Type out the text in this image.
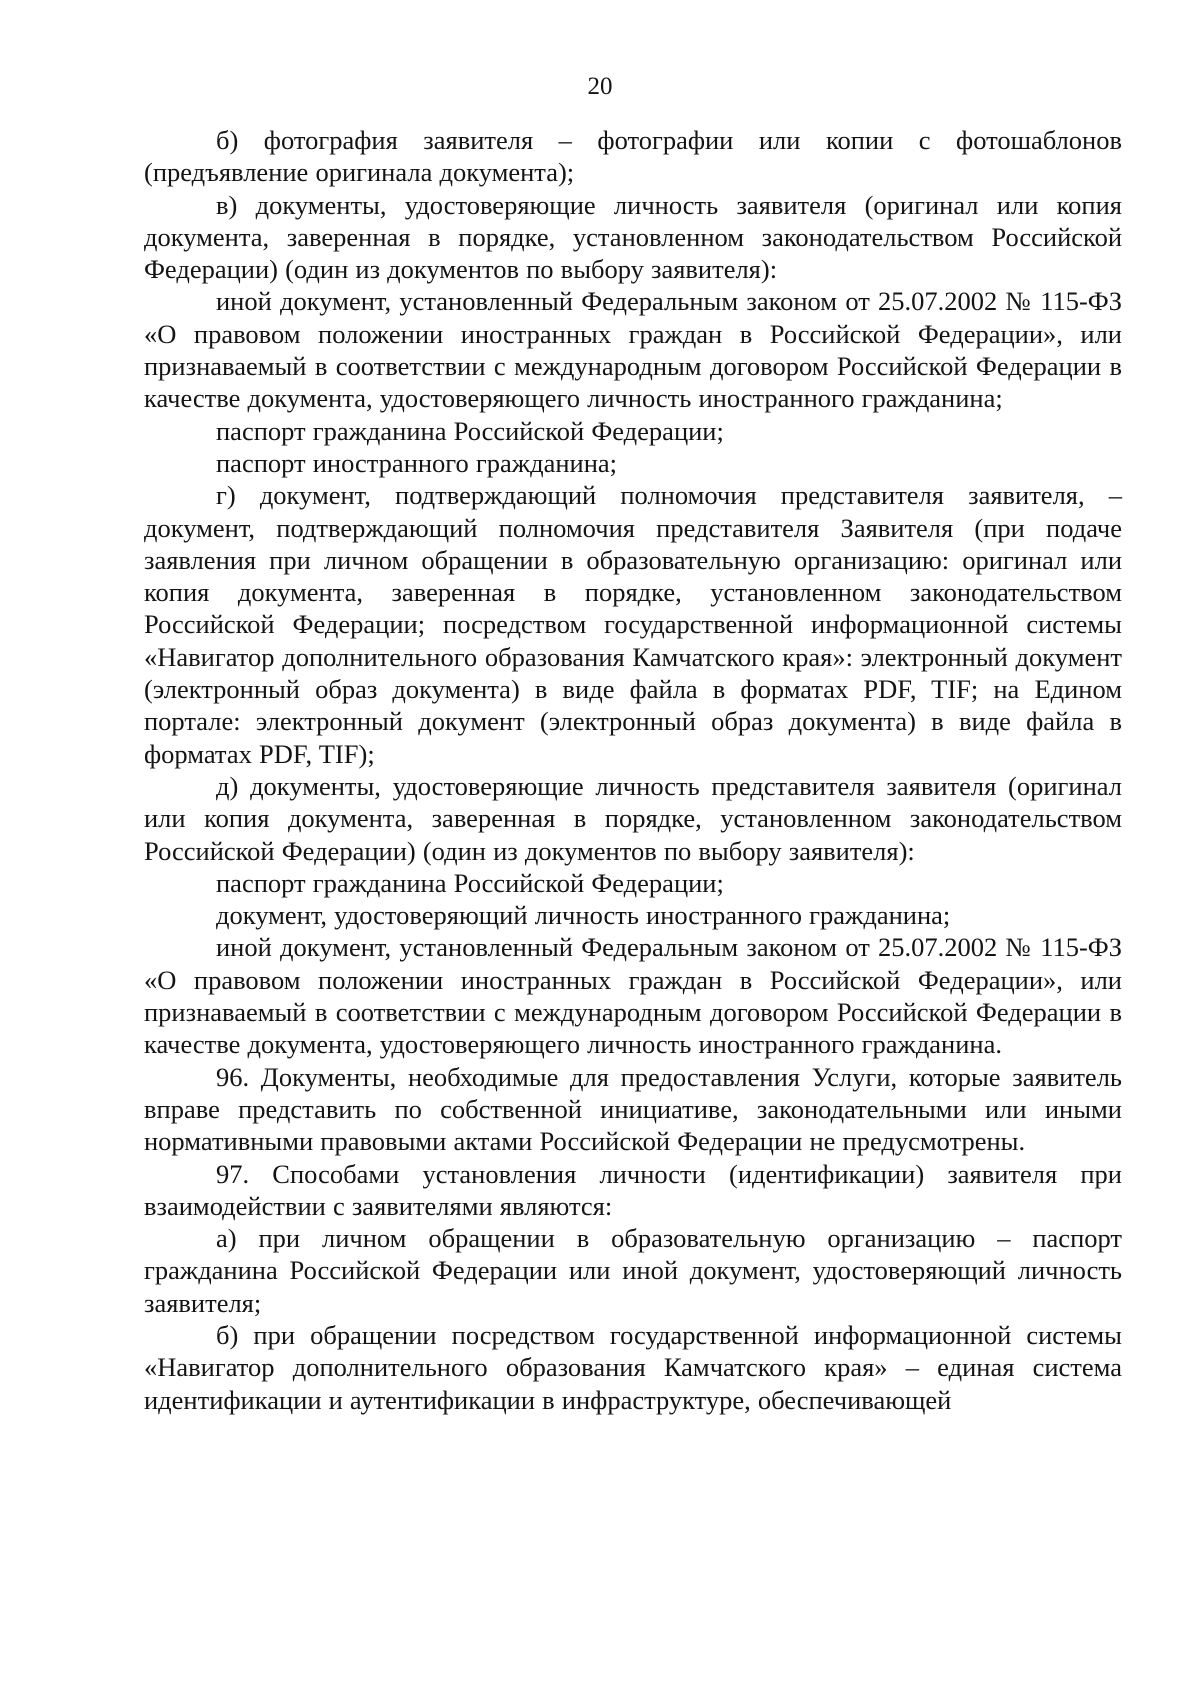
20

б) фотография заявителя – фотографии или копии с фотошаблонов (предъявление оригинала документа);

в) документы, удостоверяющие личность заявителя (оригинал или копия документа, заверенная в порядке, установленном законодательством Российской Федерации) (один из документов по выбору заявителя):

иной документ, установленный Федеральным законом от 25.07.2002 № 115-ФЗ «О правовом положении иностранных граждан в Российской Федерации», или признаваемый в соответствии с международным договором Российской Федерации в качестве документа, удостоверяющего личность иностранного гражданина;

паспорт гражданина Российской Федерации;

паспорт иностранного гражданина;

г) документ, подтверждающий полномочия представителя заявителя, – документ, подтверждающий полномочия представителя Заявителя (при подаче заявления при личном обращении в образовательную организацию: оригинал или копия документа, заверенная в порядке, установленном законодательством Российской Федерации; посредством государственной информационной системы «Навигатор дополнительного образования Камчатского края»: электронный документ (электронный образ документа) в виде файла в форматах PDF, TIF; на Едином портале: электронный документ (электронный образ документа) в виде файла в форматах PDF, TIF);

д) документы, удостоверяющие личность представителя заявителя (оригинал или копия документа, заверенная в порядке, установленном законодательством Российской Федерации) (один из документов по выбору заявителя):

паспорт гражданина Российской Федерации;

документ, удостоверяющий личность иностранного гражданина;

иной документ, установленный Федеральным законом от 25.07.2002 № 115-ФЗ «О правовом положении иностранных граждан в Российской Федерации», или признаваемый в соответствии с международным договором Российской Федерации в качестве документа, удостоверяющего личность иностранного гражданина.

96. Документы, необходимые для предоставления Услуги, которые заявитель вправе представить по собственной инициативе, законодательными или иными нормативными правовыми актами Российской Федерации не предусмотрены.

97. Способами установления личности (идентификации) заявителя при взаимодействии с заявителями являются:

а) при личном обращении в образовательную организацию – паспорт гражданина Российской Федерации или иной документ, удостоверяющий личность заявителя;

б) при обращении посредством государственной информационной системы «Навигатор дополнительного образования Камчатского края» – единая система идентификации и аутентификации в инфраструктуре, обеспечивающей
